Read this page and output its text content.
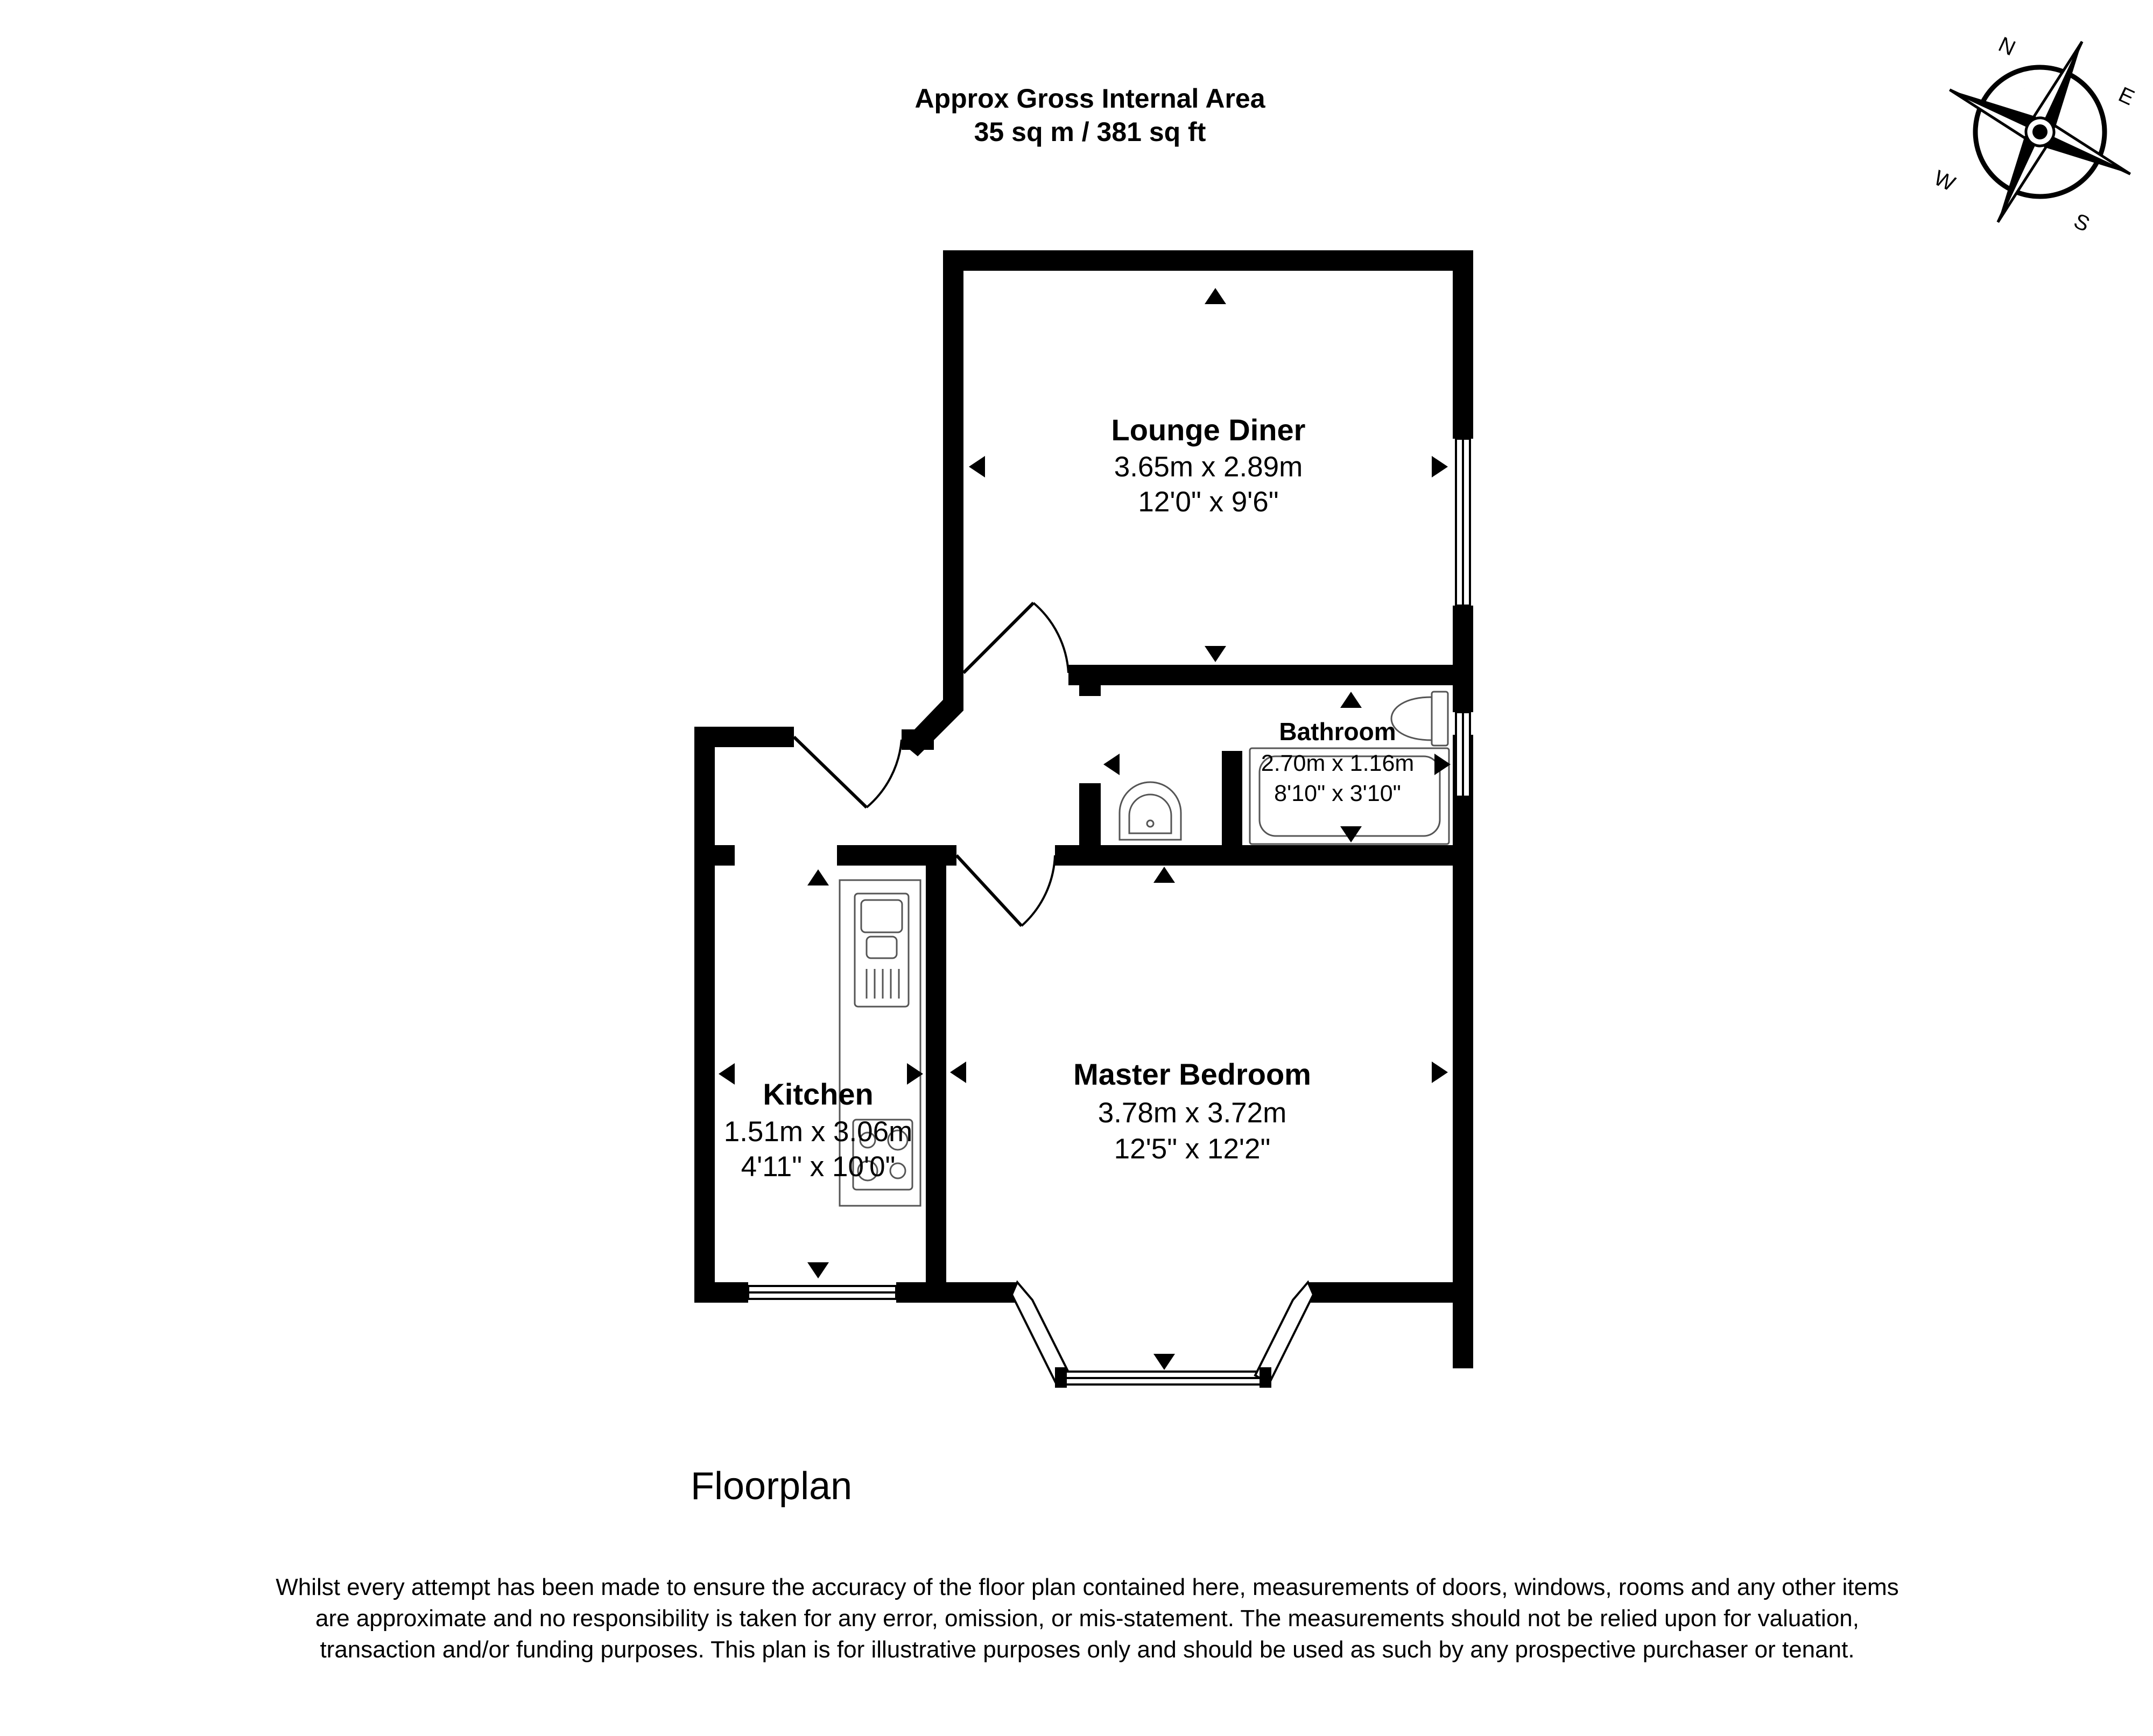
Approx Gross Internal Area
35 sq m / 381 sq ft
N
E
S
W
Lounge Diner
3.65m x 2.89m
12'0" x 9'6"
Bathroom
2.70m x 1.16m
8'10" x 3'10"
Kitchen
1.51m x 3.06m
4'11" x 10'0"
Master Bedroom
3.78m x 3.72m
12'5" x 12'2"
Floorplan
Whilst every attempt has been made to ensure the accuracy of the floor plan contained here, measurements of doors, windows, rooms and any other items are approximate and no responsibility is taken for any error, omission, or mis-statement. The measurements should not be relied upon for valuation, transaction and/or funding purposes. This plan is for illustrative purposes only and should be used as such by any prospective purchaser or tenant.
